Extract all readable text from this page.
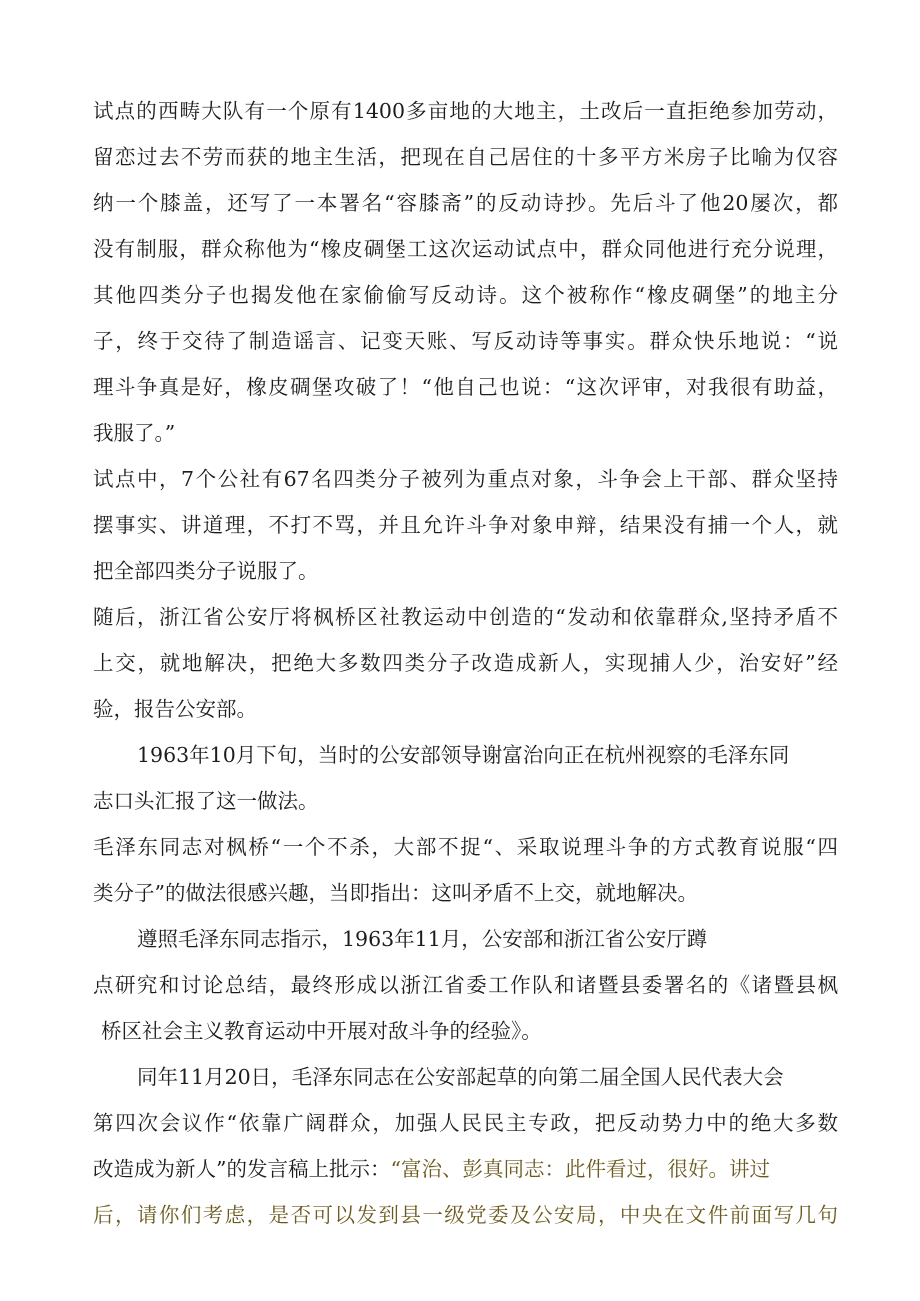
试点的西畴大队有一个原有1400多亩地的大地主，土改后一直拒绝参加劳动，
留恋过去不劳而获的地主生活，把现在自己居住的十多平方米房子比喻为仅容
纳一个膝盖，还写了一本署名“容膝斋”的反动诗抄。先后斗了他20屡次，都
没有制服，群众称他为“橡皮碉堡工这次运动试点中，群众同他进行充分说理，
其他四类分子也揭发他在家偷偷写反动诗。这个被称作“橡皮碉堡”的地主分
子，终于交待了制造谣言、记变天账、写反动诗等事实。群众快乐地说：“说
理斗争真是好，橡皮碉堡攻破了！“他自己也说：“这次评审，对我很有助益，
我服了。”
试点中，7个公社有67名四类分子被列为重点对象，斗争会上干部、群众坚持
摆事实、讲道理，不打不骂，并且允许斗争对象申辩，结果没有捕一个人，就
把全部四类分子说服了。
随后，浙江省公安厅将枫桥区社教运动中创造的“发动和依靠群众,坚持矛盾不
上交，就地解决，把绝大多数四类分子改造成新人，实现捕人少，治安好”经
验，报告公安部。
1963年10月下旬，当时的公安部领导谢富治向正在杭州视察的毛泽东同
志口头汇报了这一做法。
毛泽东同志对枫桥“一个不杀，大部不捉“、采取说理斗争的方式教育说服“四
类分子”的做法很感兴趣，当即指出：这叫矛盾不上交，就地解决。
遵照毛泽东同志指示，1963年11月，公安部和浙江省公安厅蹲
点研究和讨论总结，最终形成以浙江省委工作队和诸暨县委署名的《诸暨县枫
桥区社会主义教育运动中开展对敌斗争的经验》。
同年11月20日，毛泽东同志在公安部起草的向第二届全国人民代表大会
第四次会议作“依靠广阔群众，加强人民民主专政，把反动势力中的绝大多数
改造成为新人”的发言稿上批示：“富治、彭真同志：此件看过，很好。讲过
后，请你们考虑，是否可以发到县一级党委及公安局，中央在文件前面写几句
